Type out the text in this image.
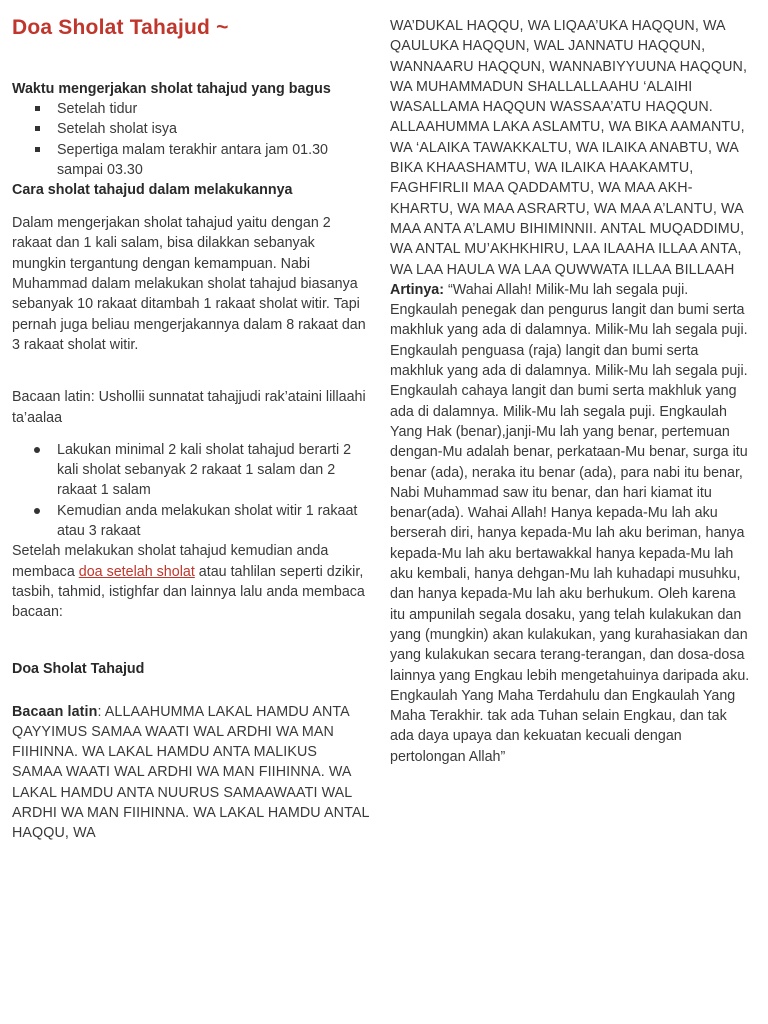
Doa Sholat Tahajud ~
Waktu mengerjakan sholat tahajud yang bagus
Setelah tidur
Setelah sholat isya
Sepertiga malam terakhir antara jam 01.30 sampai 03.30
Cara sholat tahajud dalam melakukannya

Dalam mengerjakan sholat tahajud yaitu dengan 2 rakaat dan 1 kali salam, bisa dilakkan sebanyak mungkin tergantung dengan kemampuan. Nabi Muhammad dalam melakukan sholat tahajud biasanya sebanyak 10 rakaat ditambah 1 rakaat sholat witir. Tapi pernah juga beliau mengerjakannya dalam 8 rakaat dan 3 rakaat sholat witir.

Bacaan latin: Ushollii sunnatat tahajjudi rak’ataini lillaahi ta’aalaa

Lakukan minimal 2 kali sholat tahajud berarti 2 kali sholat sebanyak 2 rakaat 1 salam dan 2 rakaat 1 salam
Kemudian anda melakukan sholat witir 1 rakaat atau 3 rakaat

Setelah melakukan sholat tahajud kemudian anda membaca doa setelah sholat atau tahlilan seperti dzikir, tasbih, tahmid, istighfar dan lainnya lalu anda membaca bacaan:

Doa Sholat Tahajud

Bacaan latin: ALLAAHUMMA LAKAL HAMDU ANTA QAYYIMUS SAMAA WAATI WAL ARDHI WA MAN FIIHINNA. WA LAKAL HAMDU ANTA MALIKUS SAMAA WAATI WAL ARDHI WA MAN FIIHINNA. WA LAKAL HAMDU ANTA NUURUS SAMAAWAATI WAL ARDHI WA MAN FIIHINNA. WA LAKAL HAMDU ANTAL HAQQU, WA

WA’DUKAL HAQQU, WA LIQAA’UKA HAQQUN, WA QAULUKA HAQQUN, WAL JANNATU HAQQUN, WANNAARU HAQQUN, WANNABIYYUUNA HAQQUN, WA MUHAMMADUN SHALLALLAAHU ‘ALAIHI WASALLAMA HAQQUN WASSAA’ATU HAQQUN. ALLAAHUMMA LAKA ASLAMTU, WA BIKA AAMANTU, WA ‘ALAIKA TAWAKKALTU, WA ILAIKA ANABTU, WA BIKA KHAASHAMTU, WA ILAIKA HAAKAMTU, FAGHFIRLII MAA QADDAMTU, WA MAA AKH-KHARTU, WA MAA ASRARTU, WA MAA A’LANTU, WA MAA ANTA A’LAMU BIHIMINNII. ANTAL MUQADDIMU, WA ANTAL MU’AKHKHIRU, LAA ILAAHA ILLAA ANTA, WA LAA HAULA WA LAA QUWWATA ILLAA BILLAAH

Artinya: “Wahai Allah! Milik-Mu lah segala puji. Engkaulah penegak dan pengurus langit dan bumi serta makhluk yang ada di dalamnya. Milik-Mu lah segala puji. Engkaulah penguasa (raja) langit dan bumi serta makhluk yang ada di dalamnya. Milik-Mu lah segala puji. Engkaulah cahaya langit dan bumi serta makhluk yang ada di dalamnya. Milik-Mu lah segala puji. Engkaulah Yang Hak (benar),janji-Mu lah yang benar, pertemuan dengan-Mu adalah benar, perkataan-Mu benar, surga itu benar (ada), neraka itu benar (ada), para nabi itu benar, Nabi Muhammad saw itu benar, dan hari kiamat itu benar(ada). Wahai Allah! Hanya kepada-Mu lah aku berserah diri, hanya kepada-Mu lah aku beriman, hanya kepada-Mu lah aku bertawakkal hanya kepada-Mu lah aku kembali, hanya dehgan-Mu lah kuhadapi musuhku, dan hanya kepada-Mu lah aku berhukum. Oleh karena itu ampunilah segala dosaku, yang telah kulakukan dan yang (mungkin) akan kulakukan, yang kurahasiakan dan yang kulakukan secara terang-terangan, dan dosa-dosa lainnya yang Engkau lebih mengetahuinya daripada aku. Engkaulah Yang Maha Terdahulu dan Engkaulah Yang Maha Terakhir. tak ada Tuhan selain Engkau, dan tak ada daya upaya dan kekuatan kecuali dengan pertolongan Allah”
